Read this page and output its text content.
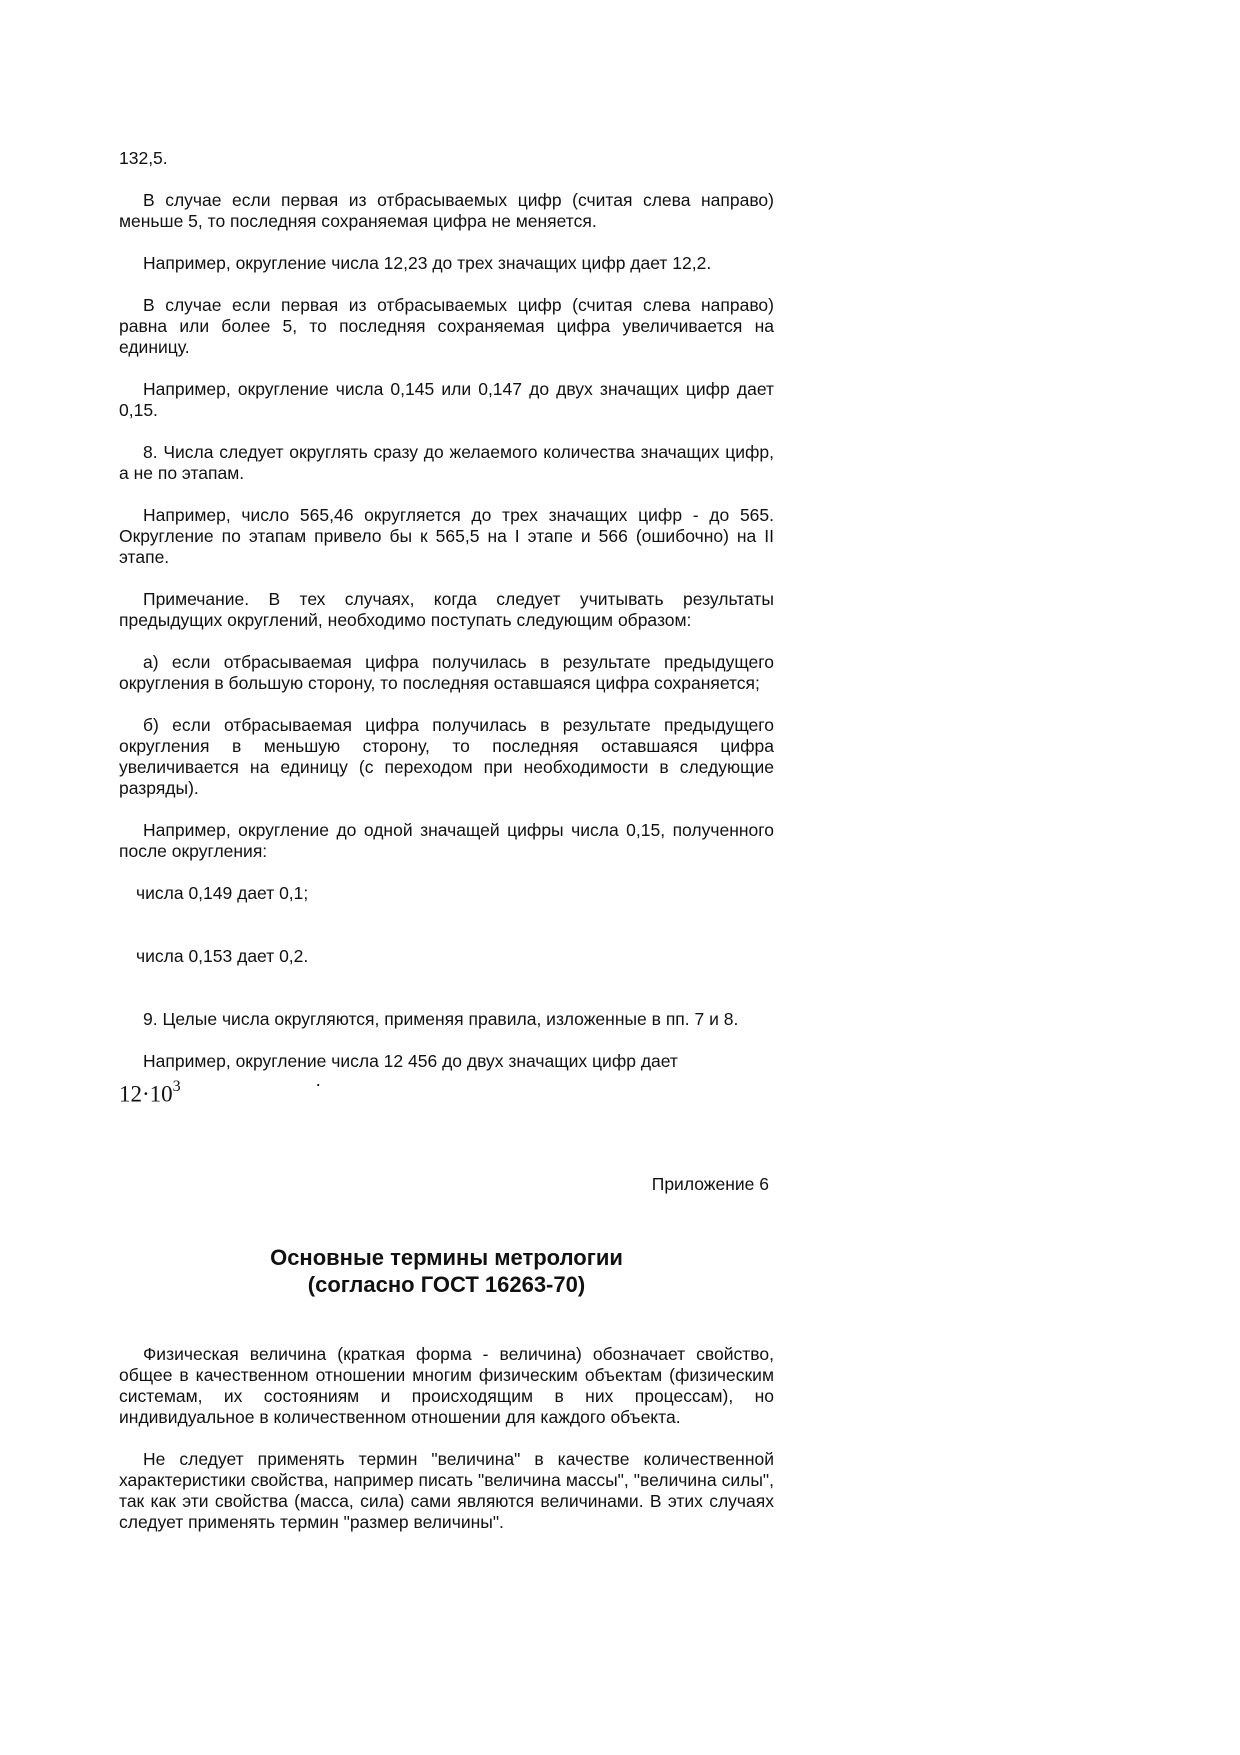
132,5.

В случае если первая из отбрасываемых цифр (считая слева направо) меньше 5, то последняя сохраняемая цифра не меняется.

Например, округление числа 12,23 до трех значащих цифр дает 12,2.

В случае если первая из отбрасываемых цифр (считая слева направо) равна или более 5, то последняя сохраняемая цифра увеличивается на единицу.

Например, округление числа 0,145 или 0,147 до двух значащих цифр дает 0,15.

8. Числа следует округлять сразу до желаемого количества значащих цифр, а не по этапам.

Например, число 565,46 округляется до трех значащих цифр - до 565. Округление по этапам привело бы к 565,5 на I этапе и 566 (ошибочно) на II этапе.

Примечание. В тех случаях, когда следует учитывать результаты предыдущих округлений, необходимо поступать следующим образом:

а) если отбрасываемая цифра получилась в результате предыдущего округления в большую сторону, то последняя оставшаяся цифра сохраняется;

б) если отбрасываемая цифра получилась в результате предыдущего округления в меньшую сторону, то последняя оставшаяся цифра увеличивается на единицу (с переходом при необходимости в следующие разряды).

Например, округление до одной значащей цифры числа 0,15, полученного после округления:

числа 0,149 дает 0,1;

числа 0,153 дает 0,2.

9. Целые числа округляются, применяя правила, изложенные в пп. 7 и 8.

Например, округление числа 12 456 до двух значащих цифр дает

.
$12\cdot 10^3$

Приложение 6

Основные термины метрологии
(согласно ГОСТ 16263-70)

Физическая величина (краткая форма - величина) обозначает свойство, общее в качественном отношении многим физическим объектам (физическим системам, их состояниям и происходящим в них процессам), но индивидуальное в количественном отношении для каждого объекта.

Не следует применять термин "величина" в качестве количественной характеристики свойства, например писать "величина массы", "величина силы", так как эти свойства (масса, сила) сами являются величинами. В этих случаях следует применять термин "размер величины".
